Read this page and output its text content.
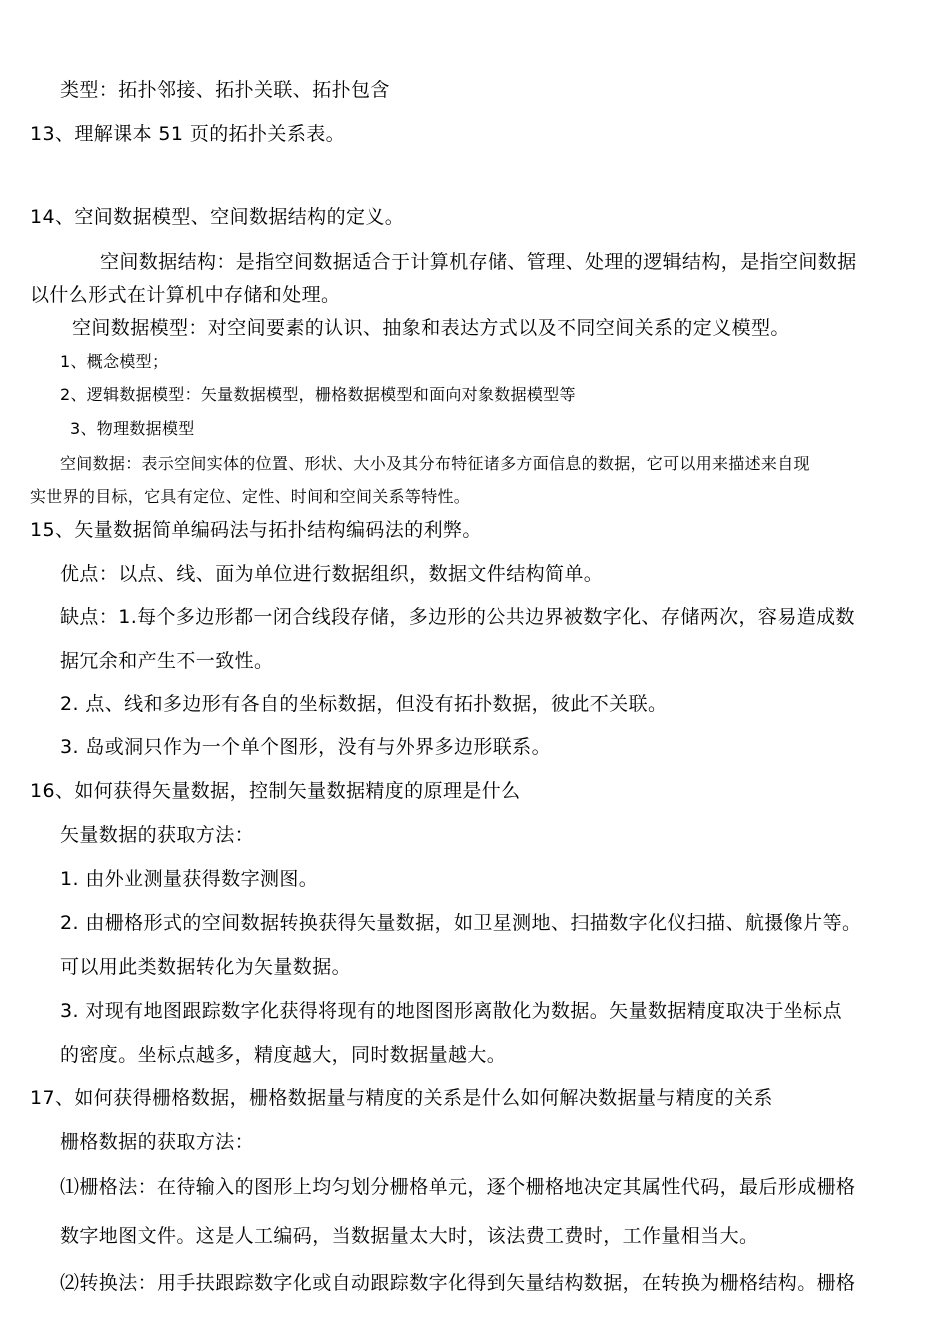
类型：拓扑邻接、拓扑关联、拓扑包含
13、理解课本 51 页的拓扑关系表。
14、空间数据模型、空间数据结构的定义。
空间数据结构：是指空间数据适合于计算机存储、管理、处理的逻辑结构，是指空间数据
以什么形式在计算机中存储和处理。
空间数据模型：对空间要素的认识、抽象和表达方式以及不同空间关系的定义模型。
1、概念模型；
2、逻辑数据模型：矢量数据模型，栅格数据模型和面向对象数据模型等
3、物理数据模型
空间数据：表示空间实体的位置、形状、大小及其分布特征诸多方面信息的数据，它可以用来描述来自现
实世界的目标，它具有定位、定性、时间和空间关系等特性。
15、矢量数据简单编码法与拓扑结构编码法的利弊。
优点：以点、线、面为单位进行数据组织，数据文件结构简单。
缺点：1.每个多边形都一闭合线段存储，多边形的公共边界被数字化、存储两次，容易造成数
据冗余和产生不一致性。
2. 点、线和多边形有各自的坐标数据，但没有拓扑数据，彼此不关联。
3. 岛或洞只作为一个单个图形，没有与外界多边形联系。
16、如何获得矢量数据，控制矢量数据精度的原理是什么
矢量数据的获取方法：
1. 由外业测量获得数字测图。
2. 由栅格形式的空间数据转换获得矢量数据，如卫星测地、扫描数字化仪扫描、航摄像片等。
可以用此类数据转化为矢量数据。
3. 对现有地图跟踪数字化获得将现有的地图图形离散化为数据。矢量数据精度取决于坐标点
的密度。坐标点越多，精度越大，同时数据量越大。
17、如何获得栅格数据，栅格数据量与精度的关系是什么如何解决数据量与精度的关系
栅格数据的获取方法：
⑴栅格法：在待输入的图形上均匀划分栅格单元，逐个栅格地决定其属性代码，最后形成栅格
数字地图文件。这是人工编码，当数据量太大时，该法费工费时，工作量相当大。
⑵转换法：用手扶跟踪数字化或自动跟踪数字化得到矢量结构数据，在转换为栅格结构。栅格
